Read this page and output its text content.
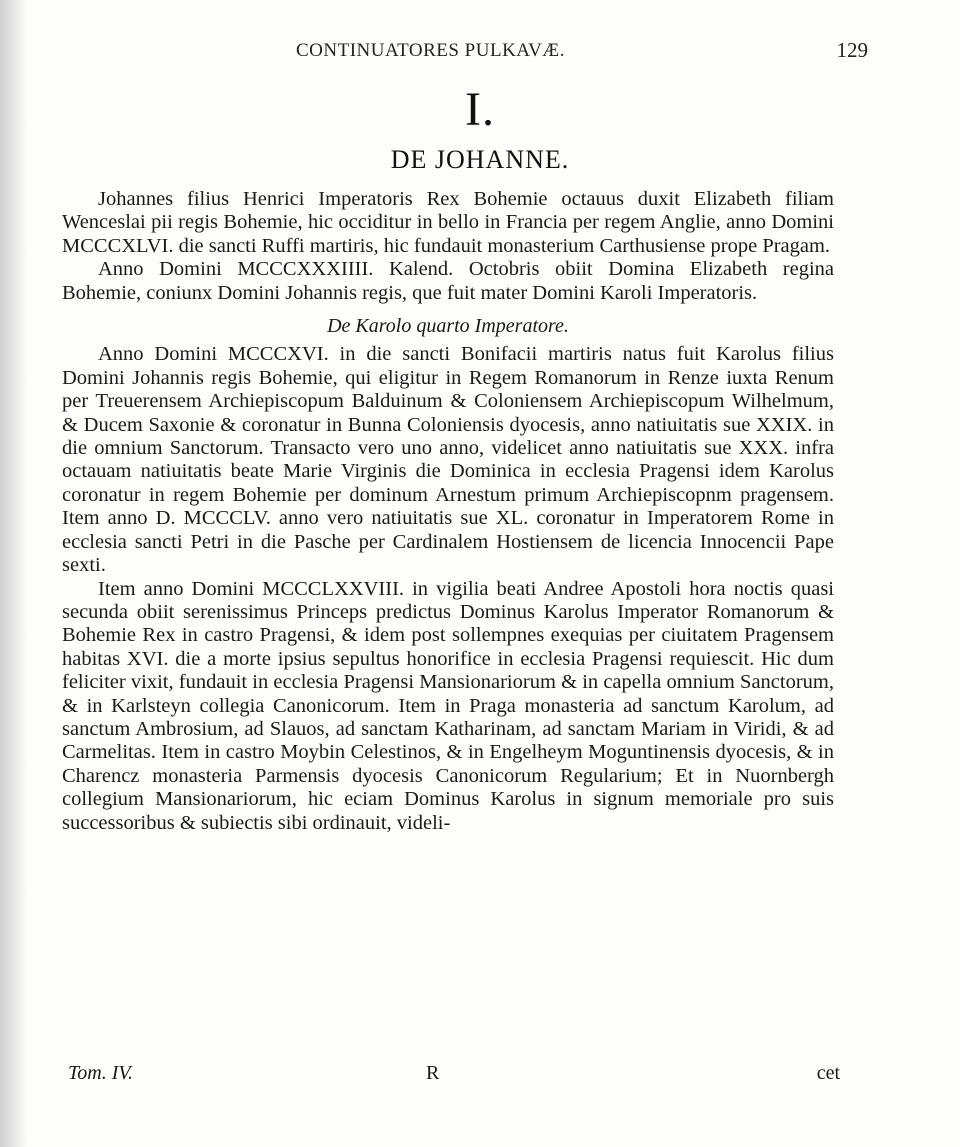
CONTINUATORES PULKAVÆ.	129
I.
DE JOHANNE.

Johannes filius Henrici Imperatoris Rex Bohemie octauus duxit Elizabeth filiam Wenceslai pii regis Bohemie, hic occiditur in bello in Francia per regem Anglie, anno Domini MCCCXLVI. die sancti Ruffi martiris, hic fundauit monasterium Carthusiense prope Pragam.

Anno Domini MCCCXXXIIII. Kalend. Octobris obiit Domina Elizabeth regina Bohemie, coniunx Domini Johannis regis, que fuit mater Domini Karoli Imperatoris.

De Karolo quarto Imperatore.

Anno Domini MCCCXVI. in die sancti Bonifacii martiris natus fuit Karolus filius Domini Johannis regis Bohemie, qui eligitur in Regem Romanorum in Renze iuxta Renum per Treuerensem Archiepiscopum Balduinum & Coloniensem Archiepiscopum Wilhelmum, & Ducem Saxonie & coronatur in Bunna Coloniensis dyocesis, anno natiuitatis sue XXIX. in die omnium Sanctorum. Transacto vero uno anno, videlicet anno natiuitatis sue XXX. infra octauam natiuitatis beate Marie Virginis die Dominica in ecclesia Pragensi idem Karolus coronatur in regem Bohemie per dominum Arnestum primum Archiepiscopnm pragensem. Item anno D. MCCCLV. anno vero natiuitatis sue XL. coronatur in Imperatorem Rome in ecclesia sancti Petri in die Pasche per Cardinalem Hostiensem de licencia Innocencii Pape sexti.

Item anno Domini MCCCLXXVIII. in vigilia beati Andree Apostoli hora noctis quasi secunda obiit serenissimus Princeps predictus Dominus Karolus Imperator Romanorum & Bohemie Rex in castro Pragensi, & idem post sollempnes exequias per ciuitatem Pragensem habitas XVI. die a morte ipsius sepultus honorifice in ecclesia Pragensi requiescit. Hic dum feliciter vixit, fundauit in ecclesia Pragensi Mansionariorum & in capella omnium Sanctorum, & in Karlsteyn collegia Canonicorum. Item in Praga monasteria ad sanctum Karolum, ad sanctum Ambrosium, ad Slauos, ad sanctam Katharinam, ad sanctam Mariam in Viridi, & ad Carmelitas. Item in castro Moybin Celestinos, & in Engelheym Moguntinensis dyocesis, & in Charencz monasteria Parmensis dyocesis Canonicorum Regularium; Et in Nuornbergh collegium Mansionariorum, hic eciam Dominus Karolus in signum memoriale pro suis successoribus & subiectis sibi ordinauit, videli-

Tom. IV.	R	cet
